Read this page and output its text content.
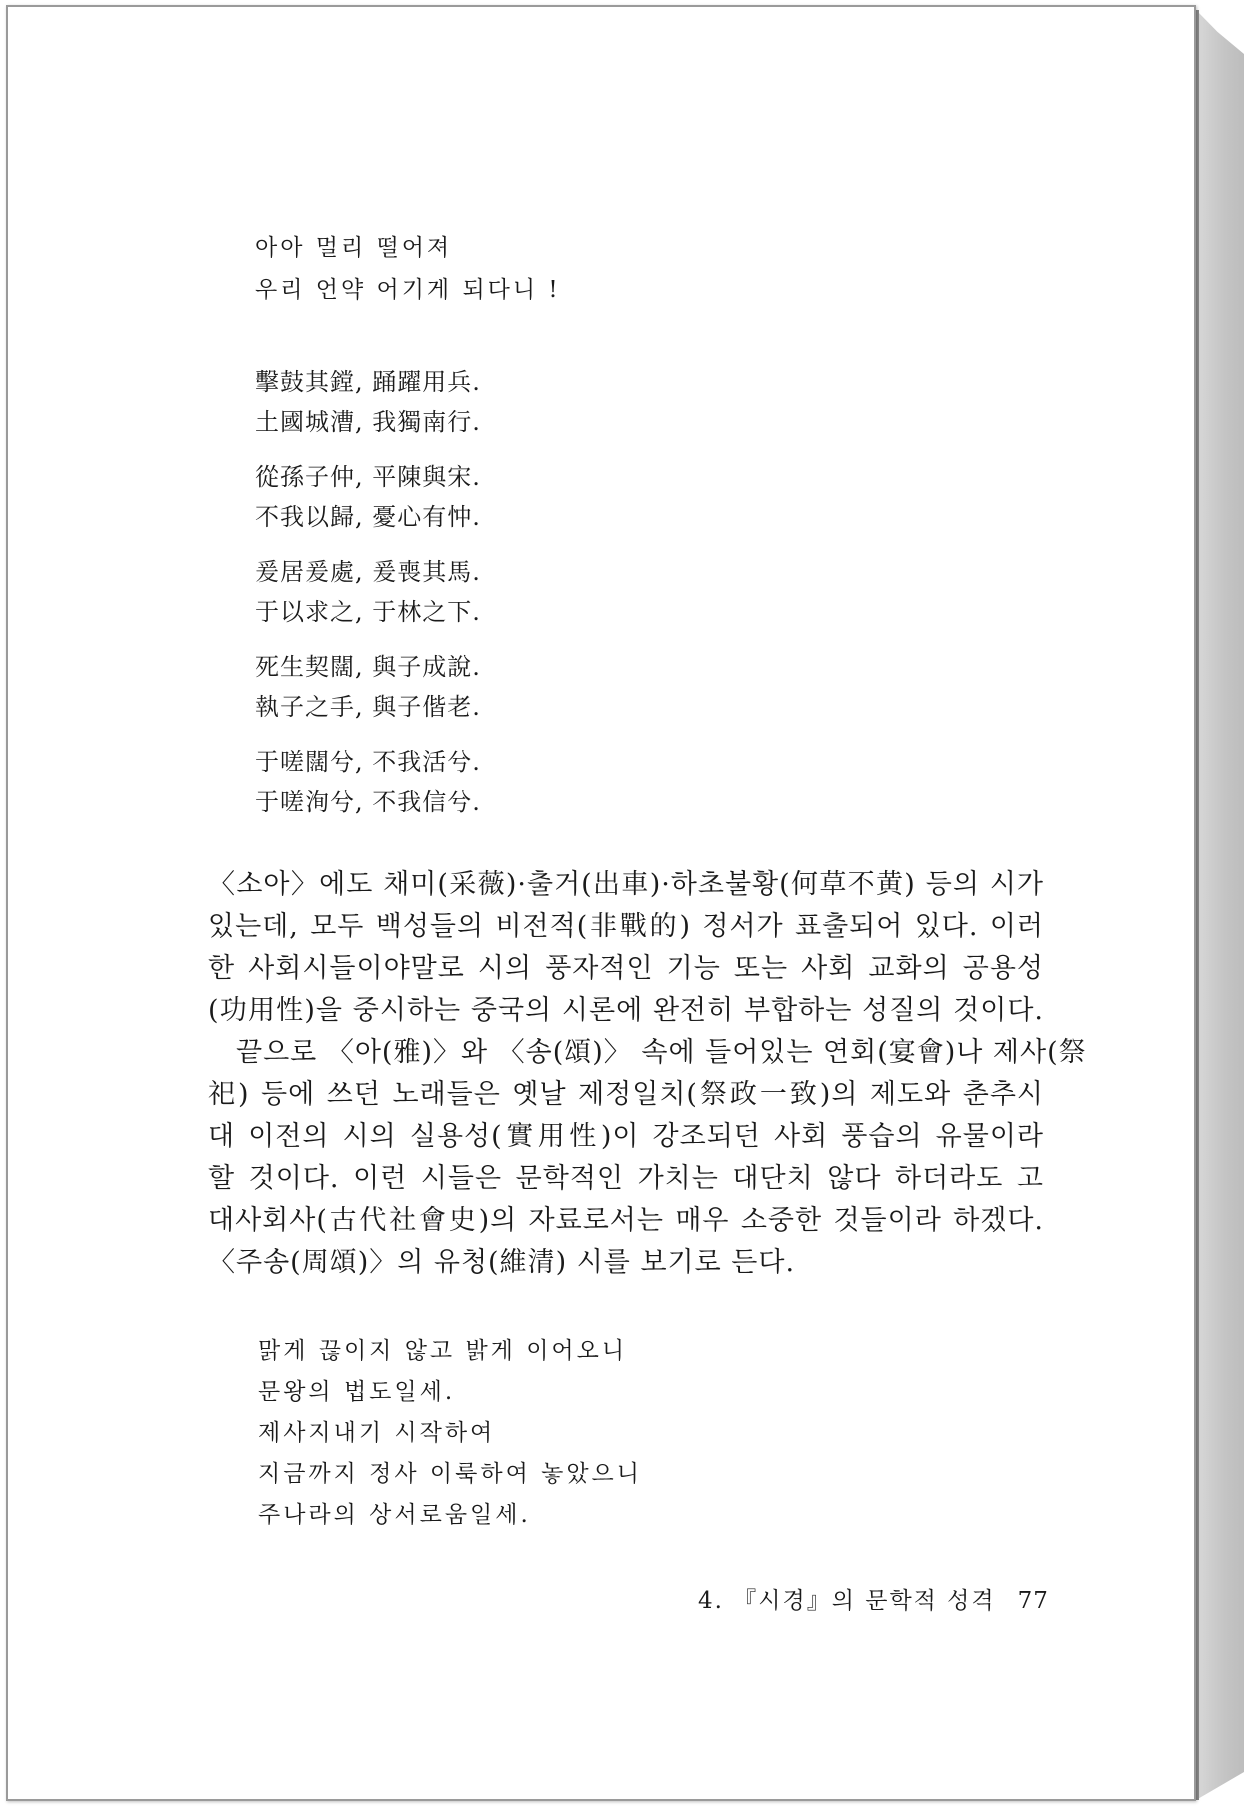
아아 멀리 떨어져
우리 언약 어기게 되다니 !
擊鼓其鏜, 踊躍用兵.
土國城漕, 我獨南行.
從孫子仲, 平陳與宋.
不我以歸, 憂心有忡.
爰居爰處, 爰喪其馬.
于以求之, 于林之下.
死生契闊, 與子成說.
執子之手, 與子偕老.
于嗟闊兮, 不我活兮.
于嗟洵兮, 不我信兮.
〈소아〉에도 채미(采薇)·출거(出車)·하초불황(何草不黄) 등의 시가
있는데, 모두 백성들의 비전적(非戰的) 정서가 표출되어 있다. 이러
한 사회시들이야말로 시의 풍자적인 기능 또는 사회 교화의 공용성
(功用性)을 중시하는 중국의 시론에 완전히 부합하는 성질의 것이다.
끝으로 〈아(雅)〉와 〈송(頌)〉 속에 들어있는 연회(宴會)나 제사(祭
祀) 등에 쓰던 노래들은 옛날 제정일치(祭政一致)의 제도와 춘추시
대 이전의 시의 실용성(實用性)이 강조되던 사회 풍습의 유물이라
할 것이다. 이런 시들은 문학적인 가치는 대단치 않다 하더라도 고
대사회사(古代社會史)의 자료로서는 매우 소중한 것들이라 하겠다.
〈주송(周頌)〉의 유청(維清) 시를 보기로 든다.
맑게 끊이지 않고 밝게 이어오니
문왕의 법도일세.
제사지내기 시작하여
지금까지 정사 이룩하여 놓았으니
주나라의 상서로움일세.
4. 『시경』의 문학적 성격 77
